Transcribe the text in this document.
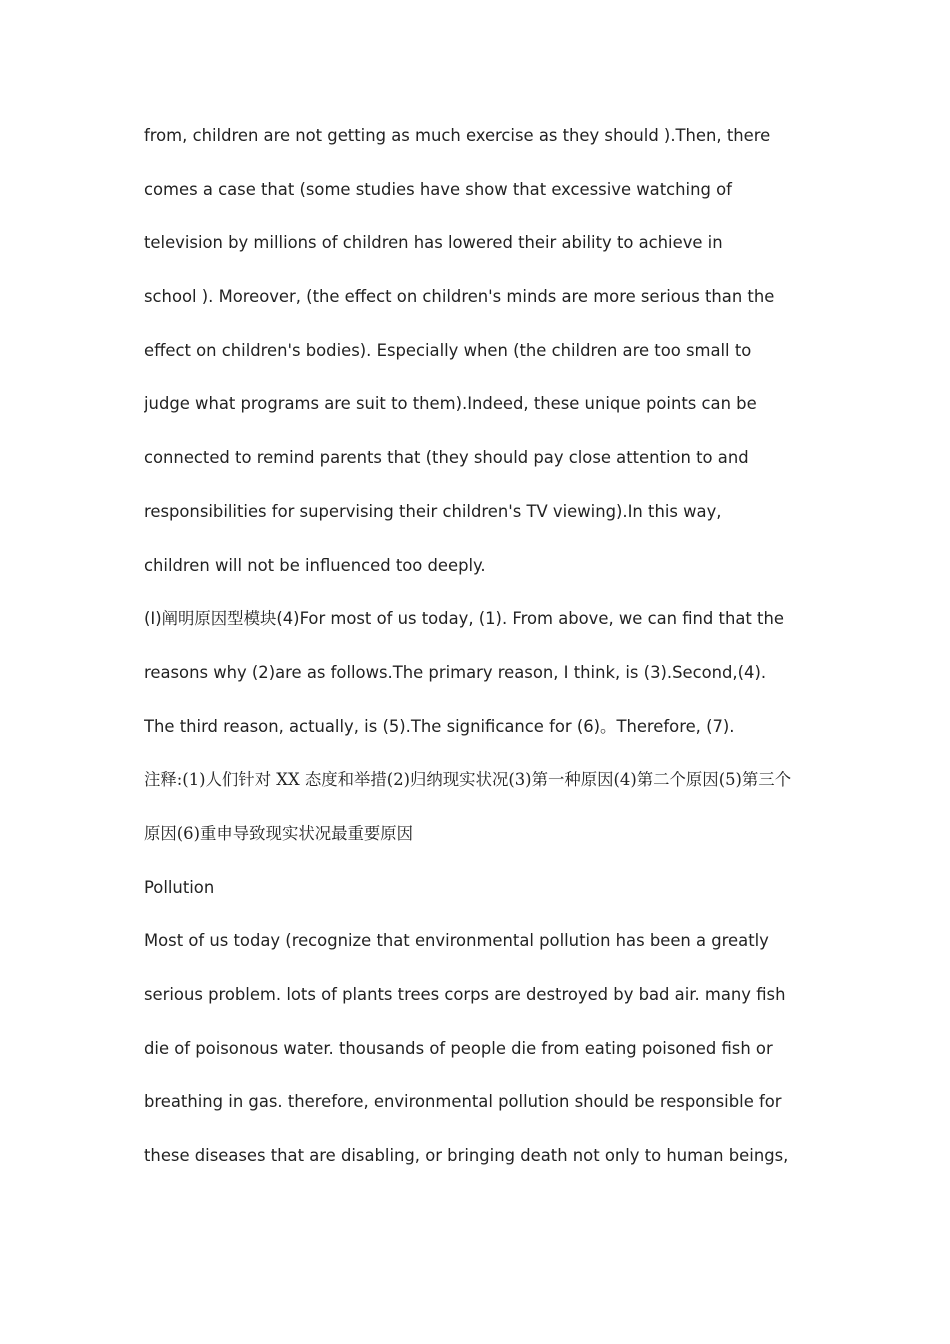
from, children are not getting as much exercise as they should ).Then, there
comes a case that (some studies have show that excessive watching of
television by millions of children has lowered their ability to achieve in
school ). Moreover, (the effect on children's minds are more serious than the
effect on children's bodies). Especially when (the children are too small to
judge what programs are suit to them).Indeed, these unique points can be
connected to remind parents that (they should pay close attention to and
responsibilities for supervising their children's TV viewing).In this way,
children will not be influenced too deeply.
(I)阐明原因型模块(4)For most of us today, (1). From above, we can find that the
reasons why (2)are as follows.The primary reason, I think, is (3).Second,(4).
The third reason, actually, is (5).The significance for (6)。Therefore, (7).
注释:(1)人们针对 XX 态度和举措(2)归纳现实状况(3)第一种原因(4)第二个原因(5)第三个
原因(6)重申导致现实状况最重要原因
Pollution
Most of us today (recognize that environmental pollution has been a greatly
serious problem. lots of plants trees corps are destroyed by bad air. many fish
die of poisonous water. thousands of people die from eating poisoned fish or
breathing in gas. therefore, environmental pollution should be responsible for
these diseases that are disabling, or bringing death not only to human beings,
